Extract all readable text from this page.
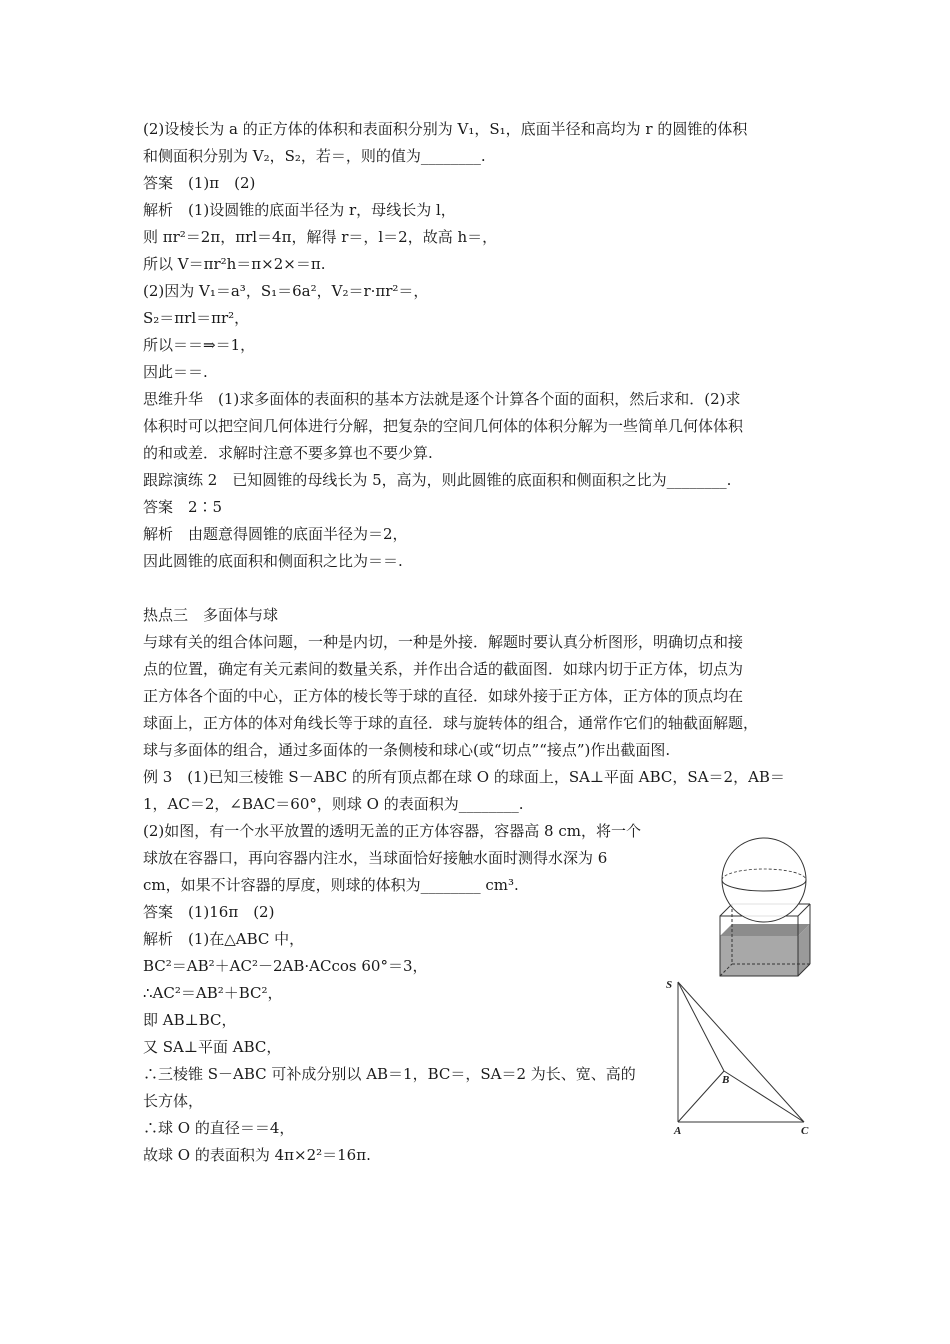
(2)设棱长为 a 的正方体的体积和表面积分别为 V₁，S₁，底面半径和高均为 r 的圆锥的体积
和侧面积分别为 V₂，S₂，若＝，则的值为________.
答案　(1)π　(2)
解析　(1)设圆锥的底面半径为 r，母线长为 l，
则 πr²＝2π，πrl＝4π，解得 r＝，l＝2，故高 h＝，
所以 V＝πr²h＝π×2×＝π.
(2)因为 V₁＝a³，S₁＝6a²，V₂＝r·πr²＝，
S₂＝πrl＝πr²，
所以＝＝⇒＝1，
因此＝＝.
思维升华　(1)求多面体的表面积的基本方法就是逐个计算各个面的面积，然后求和．(2)求
体积时可以把空间几何体进行分解，把复杂的空间几何体的体积分解为一些简单几何体体积
的和或差．求解时注意不要多算也不要少算.
跟踪演练 2　已知圆锥的母线长为 5，高为，则此圆锥的底面积和侧面积之比为________.
答案　2∶5
解析　由题意得圆锥的底面半径为＝2，
因此圆锥的底面积和侧面积之比为＝＝.
热点三　多面体与球
与球有关的组合体问题，一种是内切，一种是外接．解题时要认真分析图形，明确切点和接
点的位置，确定有关元素间的数量关系，并作出合适的截面图．如球内切于正方体，切点为
正方体各个面的中心，正方体的棱长等于球的直径．如球外接于正方体，正方体的顶点均在
球面上，正方体的体对角线长等于球的直径．球与旋转体的组合，通常作它们的轴截面解题，
球与多面体的组合，通过多面体的一条侧棱和球心(或“切点”“接点”)作出截面图.
例 3　(1)已知三棱锥 S－ABC 的所有顶点都在球 O 的球面上，SA⊥平面 ABC，SA＝2，AB＝
1，AC＝2，∠BAC＝60°，则球 O 的表面积为________.
(2)如图，有一个水平放置的透明无盖的正方体容器，容器高 8 cm，将一个
球放在容器口，再向容器内注水，当球面恰好接触水面时测得水深为 6
cm，如果不计容器的厚度，则球的体积为________ cm³.
答案　(1)16π　(2)
解析　(1)在△ABC 中，
BC²＝AB²＋AC²－2AB·ACcos 60°＝3，
∴AC²＝AB²＋BC²，
即 AB⊥BC，
又 SA⊥平面 ABC，
∴三棱锥 S－ABC 可补成分别以 AB＝1，BC＝，SA＝2 为长、宽、高的
长方体，
∴球 O 的直径＝＝4，
故球 O 的表面积为 4π×2²＝16π.
S
A
B
C
